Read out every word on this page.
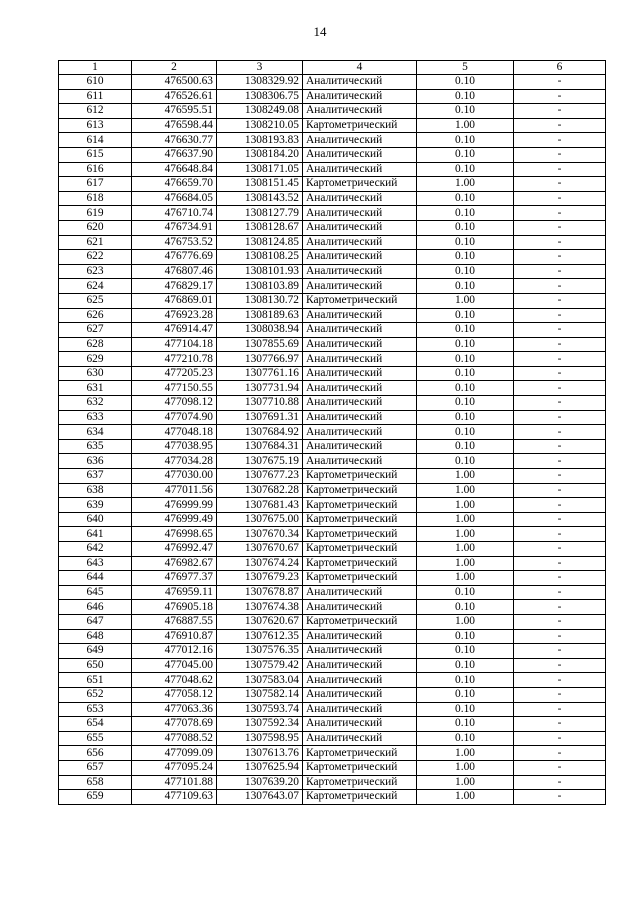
14
1	2	3	4	5	6
610	476500.63	1308329.92	Аналитический	0.10	-
611	476526.61	1308306.75	Аналитический	0.10	-
612	476595.51	1308249.08	Аналитический	0.10	-
613	476598.44	1308210.05	Картометрический	1.00	-
614	476630.77	1308193.83	Аналитический	0.10	-
615	476637.90	1308184.20	Аналитический	0.10	-
616	476648.84	1308171.05	Аналитический	0.10	-
617	476659.70	1308151.45	Картометрический	1.00	-
618	476684.05	1308143.52	Аналитический	0.10	-
619	476710.74	1308127.79	Аналитический	0.10	-
620	476734.91	1308128.67	Аналитический	0.10	-
621	476753.52	1308124.85	Аналитический	0.10	-
622	476776.69	1308108.25	Аналитический	0.10	-
623	476807.46	1308101.93	Аналитический	0.10	-
624	476829.17	1308103.89	Аналитический	0.10	-
625	476869.01	1308130.72	Картометрический	1.00	-
626	476923.28	1308189.63	Аналитический	0.10	-
627	476914.47	1308038.94	Аналитический	0.10	-
628	477104.18	1307855.69	Аналитический	0.10	-
629	477210.78	1307766.97	Аналитический	0.10	-
630	477205.23	1307761.16	Аналитический	0.10	-
631	477150.55	1307731.94	Аналитический	0.10	-
632	477098.12	1307710.88	Аналитический	0.10	-
633	477074.90	1307691.31	Аналитический	0.10	-
634	477048.18	1307684.92	Аналитический	0.10	-
635	477038.95	1307684.31	Аналитический	0.10	-
636	477034.28	1307675.19	Аналитический	0.10	-
637	477030.00	1307677.23	Картометрический	1.00	-
638	477011.56	1307682.28	Картометрический	1.00	-
639	476999.99	1307681.43	Картометрический	1.00	-
640	476999.49	1307675.00	Картометрический	1.00	-
641	476998.65	1307670.34	Картометрический	1.00	-
642	476992.47	1307670.67	Картометрический	1.00	-
643	476982.67	1307674.24	Картометрический	1.00	-
644	476977.37	1307679.23	Картометрический	1.00	-
645	476959.11	1307678.87	Аналитический	0.10	-
646	476905.18	1307674.38	Аналитический	0.10	-
647	476887.55	1307620.67	Картометрический	1.00	-
648	476910.87	1307612.35	Аналитический	0.10	-
649	477012.16	1307576.35	Аналитический	0.10	-
650	477045.00	1307579.42	Аналитический	0.10	-
651	477048.62	1307583.04	Аналитический	0.10	-
652	477058.12	1307582.14	Аналитический	0.10	-
653	477063.36	1307593.74	Аналитический	0.10	-
654	477078.69	1307592.34	Аналитический	0.10	-
655	477088.52	1307598.95	Аналитический	0.10	-
656	477099.09	1307613.76	Картометрический	1.00	-
657	477095.24	1307625.94	Картометрический	1.00	-
658	477101.88	1307639.20	Картометрический	1.00	-
659	477109.63	1307643.07	Картометрический	1.00	-
